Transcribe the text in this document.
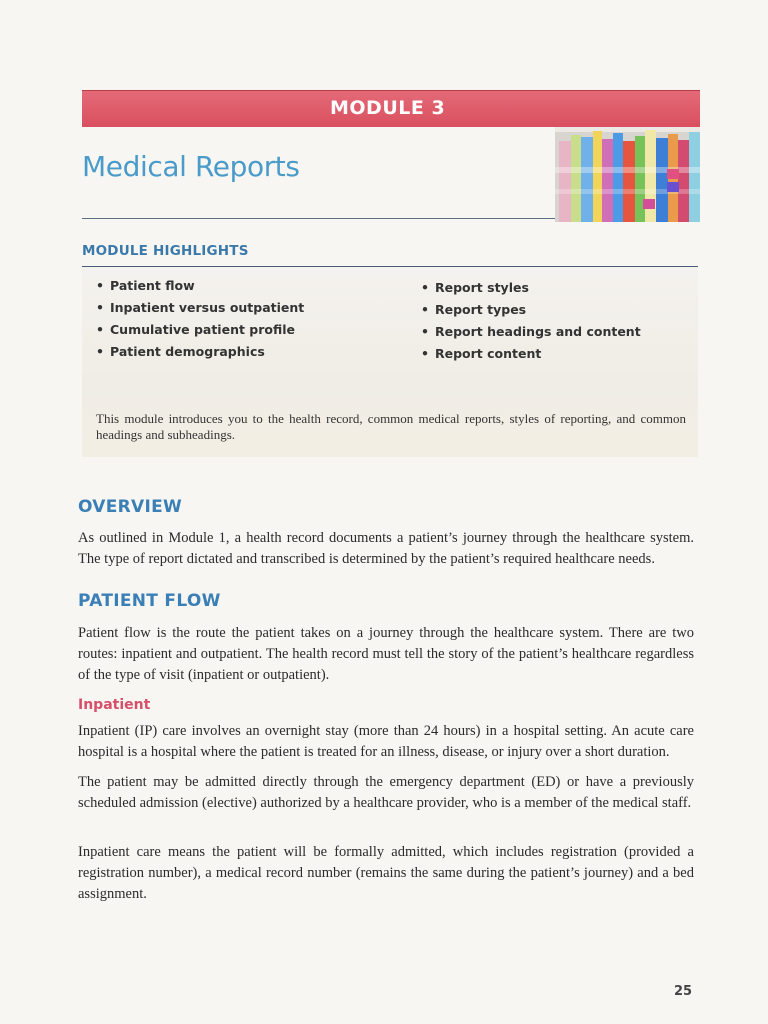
MODULE 3
Medical Reports
MODULE HIGHLIGHTS
• Patient flow
• Inpatient versus outpatient
• Cumulative patient profile
• Patient demographics
• Report styles
• Report types
• Report headings and content
• Report content

This module introduces you to the health record, common medical reports, styles of reporting, and common headings and subheadings.

OVERVIEW

As outlined in Module 1, a health record documents a patient’s journey through the healthcare system. The type of report dictated and transcribed is determined by the patient’s required healthcare needs.

PATIENT FLOW

Patient flow is the route the patient takes on a journey through the healthcare system. There are two routes: inpatient and outpatient. The health record must tell the story of the patient’s healthcare regardless of the type of visit (inpatient or outpatient).

Inpatient

Inpatient (IP) care involves an overnight stay (more than 24 hours) in a hospital setting. An acute care hospital is a hospital where the patient is treated for an illness, disease, or injury over a short duration.

The patient may be admitted directly through the emergency department (ED) or have a previously scheduled admission (elective) authorized by a healthcare provider, who is a member of the medical staff.

Inpatient care means the patient will be formally admitted, which includes registration (provided a registration number), a medical record number (remains the same during the patient’s journey) and a bed assignment.

25
